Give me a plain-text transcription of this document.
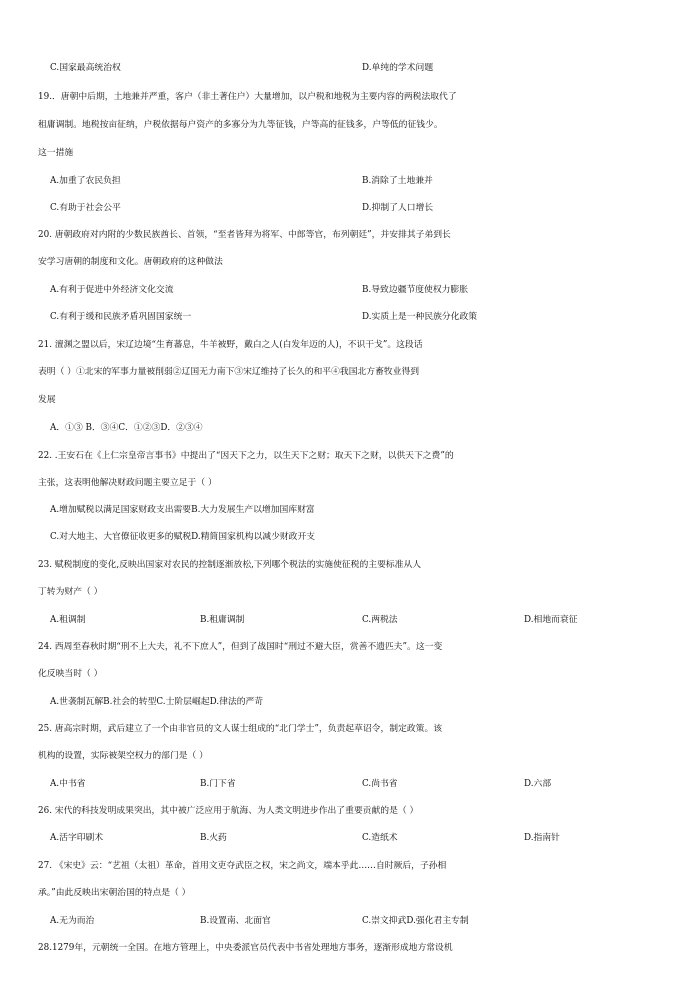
C.国家最高统治权	D.单纯的学术问题
19.．唐朝中后期，土地兼并严重，客户（非土著住户）大量增加，以户税和地税为主要内容的两税法取代了
租庸调制。地税按亩征纳，户税依据每户资产的多寡分为九等征钱，户等高的征钱多，户等低的征钱少。
这一措施
A.加重了农民负担	B.消除了土地兼并
C.有助于社会公平	D.抑制了人口增长
20. 唐朝政府对内附的少数民族酋长、首领，“至者皆拜为将军、中郎等官，布列朝廷”，并安排其子弟到长
安学习唐朝的制度和文化。唐朝政府的这种做法
A.有利于促进中外经济文化交流	B.导致边疆节度使权力膨胀
C.有利于缓和民族矛盾巩固国家统一	D.实质上是一种民族分化政策
21. 澶渊之盟以后，宋辽边境“生育蕃息，牛羊被野，戴白之人(白发年迈的人)，不识干戈”。这段话
表明（ ）①北宋的军事力量被削弱②辽国无力南下③宋辽维持了长久的和平④我国北方畜牧业得到
发展
A．①③ B．③④C．①②③D．②③④
22. .王安石在《上仁宗皇帝言事书》中提出了“因天下之力，以生天下之财；取天下之财，以供天下之费”的
主张，这表明他解决财政问题主要立足于（ ）
A.增加赋税以满足国家财政支出需要B.大力发展生产以增加国库财富
C.对大地主、大官僚征收更多的赋税D.精简国家机构以减少财政开支
23. 赋税制度的变化,反映出国家对农民的控制逐渐放松,下列哪个税法的实施使征税的主要标准从人
丁转为财产（ ）
A.租调制	B.租庸调制	C.两税法	D.相地而衰征
24. 西周至春秋时期“刑不上大夫，礼不下庶人”，但到了战国时“刑过不避大臣，赏善不遗匹夫”。这一变
化反映当时（ ）
A.世袭制瓦解B.社会的转型C.士阶层崛起D.律法的严苛
25. 唐高宗时期，武后建立了一个由非官员的文人谋士组成的“北门学士”，负责起草诏令，制定政策。该
机构的设置，实际被架空权力的部门是（ ）
A.中书省	B.门下省	C.尚书省	D.六部
26. 宋代的科技发明成果突出，其中被广泛应用于航海、为人类文明进步作出了重要贡献的是（ ）
A.活字印刷术	B.火药	C.造纸术	D.指南针
27. 《宋史》云：“艺祖（太祖）革命，首用文吏夺武臣之权，宋之尚文，端本乎此……自时厥后，子孙相
承。”由此反映出宋朝治国的特点是（ ）
A.无为而治	B.设置南、北面官	C.崇文抑武D.强化君主专制
28.1279年，元朝统一全国。在地方管理上，中央委派官员代表中书省处理地方事务，逐渐形成地方常设机
